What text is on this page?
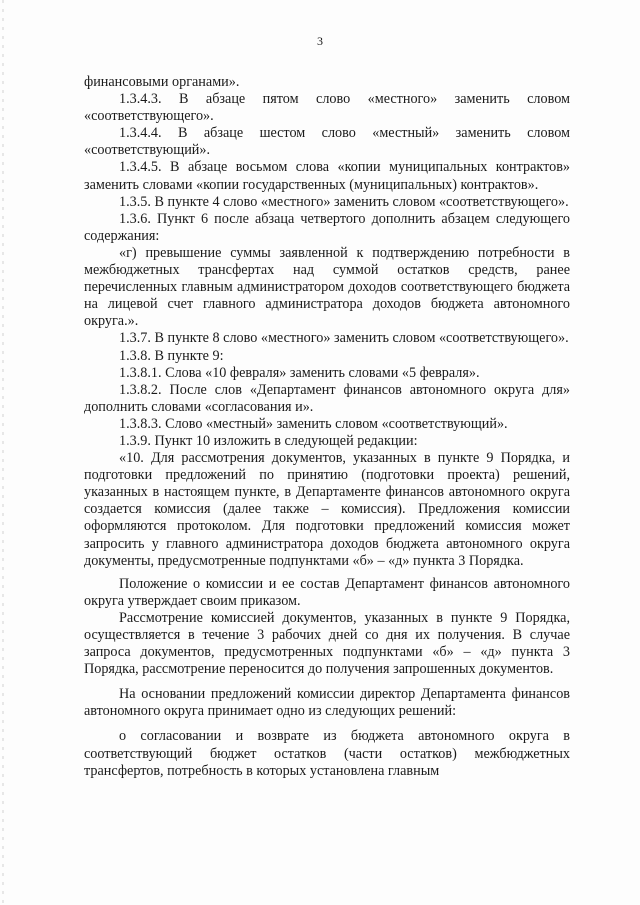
3

финансовыми органами».

1.3.4.3. В абзаце пятом слово «местного» заменить словом «соответствующего».

1.3.4.4. В абзаце шестом слово «местный» заменить словом «соответствующий».

1.3.4.5. В абзаце восьмом слова «копии муниципальных контрактов» заменить словами «копии государственных (муниципальных) контрактов».

1.3.5. В пункте 4 слово «местного» заменить словом «соответствующего».

1.3.6. Пункт 6 после абзаца четвертого дополнить абзацем следующего содержания:

«г) превышение суммы заявленной к подтверждению потребности в межбюджетных трансфертах над суммой остатков средств, ранее перечисленных главным администратором доходов соответствующего бюджета на лицевой счет главного администратора доходов бюджета автономного округа.».

1.3.7. В пункте 8 слово «местного» заменить словом «соответствующего».

1.3.8. В пункте 9:

1.3.8.1. Слова «10 февраля» заменить словами «5 февраля».

1.3.8.2. После слов «Департамент финансов автономного округа для» дополнить словами «согласования и».

1.3.8.3. Слово «местный» заменить словом «соответствующий».

1.3.9. Пункт 10 изложить в следующей редакции:

«10. Для рассмотрения документов, указанных в пункте 9 Порядка, и подготовки предложений по принятию (подготовки проекта) решений, указанных в настоящем пункте, в Департаменте финансов автономного округа создается комиссия (далее также – комиссия). Предложения комиссии оформляются протоколом. Для подготовки предложений комиссия может запросить у главного администратора доходов бюджета автономного округа документы, предусмотренные подпунктами «б» – «д» пункта 3 Порядка.

Положение о комиссии и ее состав Департамент финансов автономного округа утверждает своим приказом.

Рассмотрение комиссией документов, указанных в пункте 9 Порядка, осуществляется в течение 3 рабочих дней со дня их получения. В случае запроса документов, предусмотренных подпунктами «б» – «д» пункта 3 Порядка, рассмотрение переносится до получения запрошенных документов.

На основании предложений комиссии директор Департамента финансов автономного округа принимает одно из следующих решений:

о согласовании и возврате из бюджета автономного округа в соответствующий бюджет остатков (части остатков) межбюджетных трансфертов, потребность в которых установлена главным
